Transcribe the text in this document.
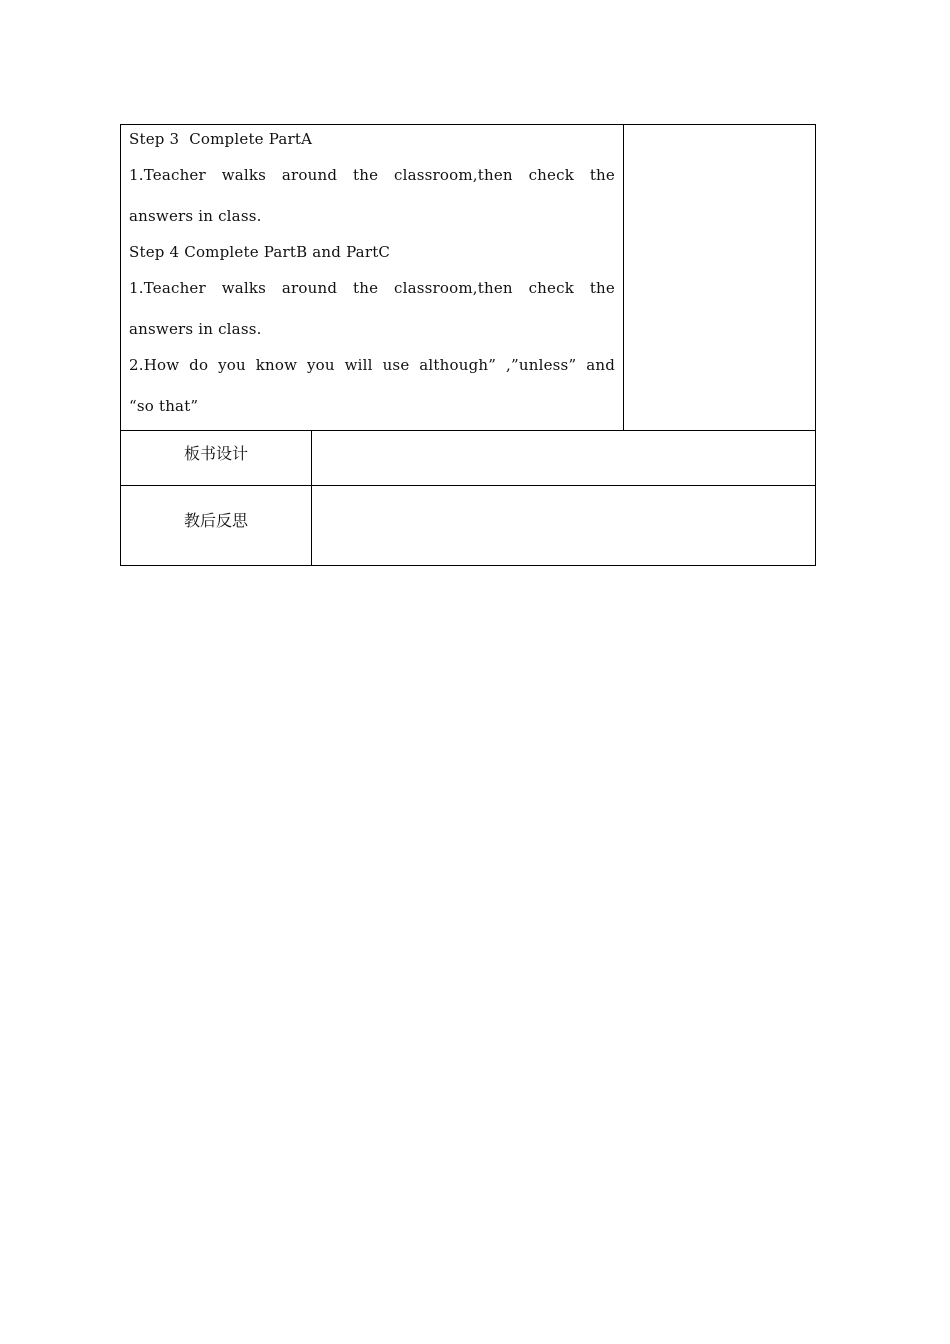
Step 3  Complete PartA
1.Teacher walks around the classroom,then check the
answers in class.
Step 4 Complete PartB and PartC
1.Teacher walks around the classroom,then check the
answers in class.
2.How do you know you will use although” ,”unless” and
“so that”
板书设计
教后反思
